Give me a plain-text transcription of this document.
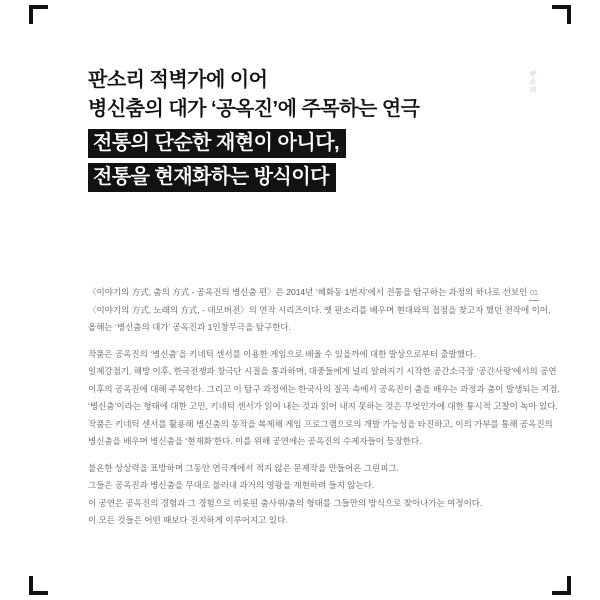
판소리
01
판소리 적벽가에 이어
병신춤의 대가 ‘공옥진’에 주목하는 연극
전통의 단순한 재현이 아니다,
전통을 현재화하는 방식이다

〈이야기의 方式, 춤의 方式 - 공옥진의 병신춤 편〉은 2014년 ‘혜화동 1번지’에서 전통을 탐구하는 과정의 하나로 선보인
〈이야기의 方式, 노래의 方式, - 데모버전〉의 연작 시리즈이다. 옛 판소리를 배우며 현대와의 접점을 찾고자 했던 전작에 이어,
올해는 ‘병신춤의 대가’ 공옥진과 1인창무극을 탐구한다.

작품은 공옥진의 ‘병신춤’을 키네틱 센서를 이용한 게임으로 배울 수 있을까에 대한 발상으로부터 출발했다.
일제강점기, 해방 이후, 한국전쟁과 창극단 시절을 통과하며, 대중들에게 널리 알려지기 시작한 공간소극장 ‘공간사랑’에서의 공연
이후의 공옥진에 대해 주목한다. 그리고 이 탐구 과정에는 한국사의 질곡 속에서 공옥진이 춤을 배우는 과정과 춤이 발생되는 지점,
‘병신춤’이라는 형태에 대한 고민, 키네틱 센서가 읽어 내는 것과 읽어 내지 못하는 것은 무엇인가에 대한 통시적 고찰이 녹아 있다.
작품은 키네틱 센서를 활용해 병신춤의 동작을 복제해 게임 프로그램으로의 개발 가능성을 타진하고, 이의 가부를 통해 공옥진의
병신춤을 배우며 병신춤을 ‘현재화’한다. 이를 위해 공연에는 공옥진의 수제자들이 등장한다.

불온한 상상력을 표방하며 그동안 연극계에서 적지 않은 문제작을 만들어온 그린피그.
그들은 공옥진과 병신춤을 무대로 불러내 과거의 영광을 재현하려 들지 않는다.
이 공연은 공옥진의 경험과 그 경험으로 비롯된 춤사위/춤의 형태를 그들만의 방식으로 찾아나가는 여정이다.
이 모든 것들은 어떤 때보다 진지하게 이루어지고 있다.
